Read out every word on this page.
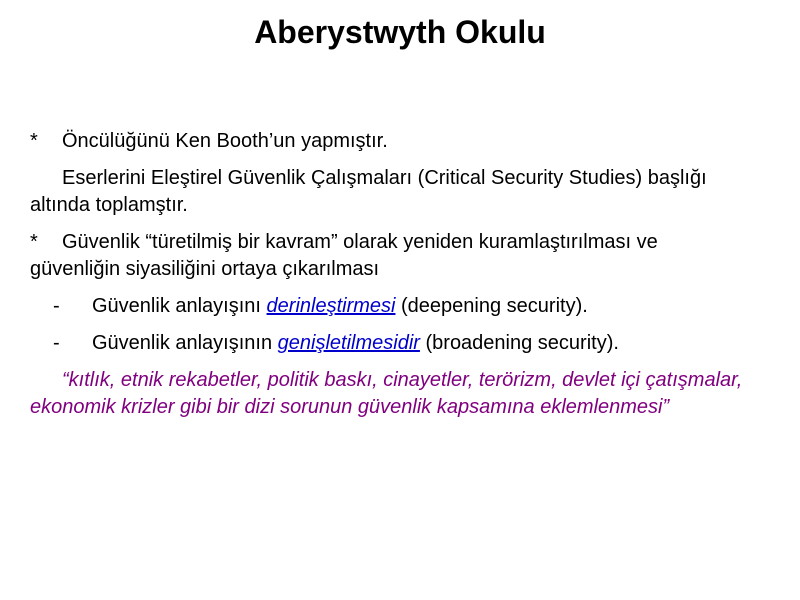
Aberystwyth Okulu

* Öncülüğünü Ken Booth’un yapmıştır.

Eserlerini Eleştirel Güvenlik Çalışmaları (Critical Security Studies) başlığı altında toplamştır.

* Güvenlik “türetilmiş bir kavram” olarak yeniden kuramlaştırılması ve güvenliğin siyasiliğini ortaya çıkarılması

- Güvenlik anlayışını derinleştirmesi (deepening security).

- Güvenlik anlayışının genişletilmesidir (broadening security).

“kıtlık, etnik rekabetler, politik baskı, cinayetler, terörizm, devlet içi çatışmalar, ekonomik krizler gibi bir dizi sorunun güvenlik kapsamına eklemlenmesi”
